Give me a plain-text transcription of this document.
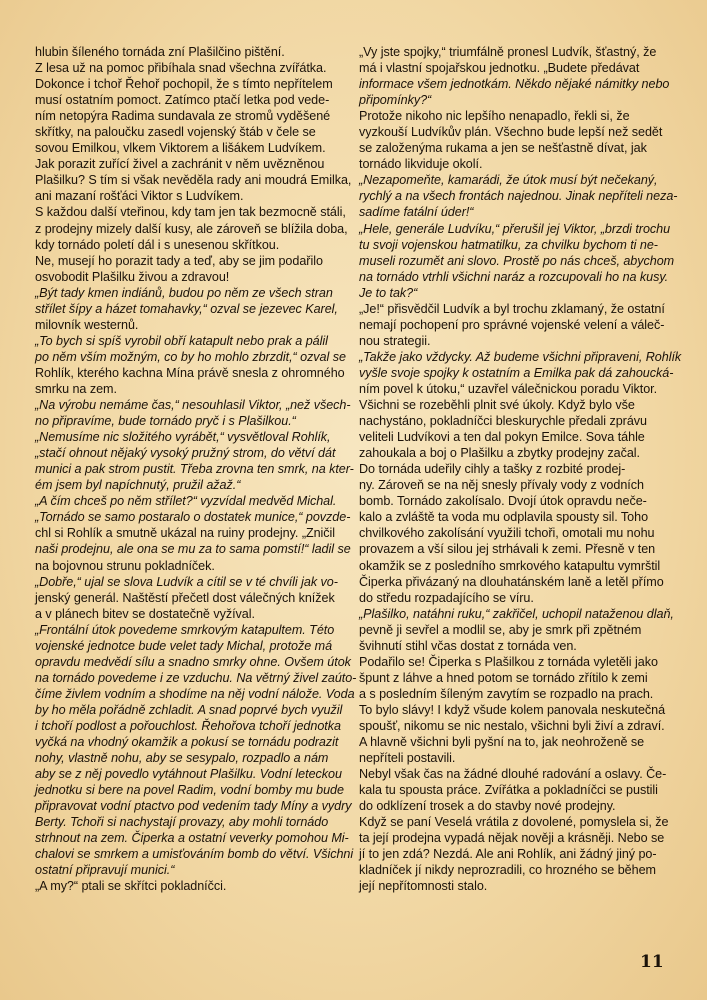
hlubin šíleného tornáda zní Plašilčino pištění.
Z lesa už na pomoc přibíhala snad všechna zvířátka.
Dokonce i tchoř Řehoř pochopil, že s tímto nepřítelem
musí ostatním pomoct. Zatímco ptačí letka pod vede-
ním netopýra Radima sundavala ze stromů vyděšené
skřítky, na paloučku zasedl vojenský štáb v čele se
sovou Emilkou, vlkem Viktorem a lišákem Ludvíkem.
Jak porazit zuřící živel a zachránit v něm uvězněnou
Plašilku? S tím si však nevěděla rady ani moudrá Emilka,
ani mazaní rošťáci Viktor s Ludvíkem.
S každou další vteřinou, kdy tam jen tak bezmocně stáli,
z prodejny mizely další kusy, ale zároveň se blížila doba,
kdy tornádo poletí dál i s unesenou skřítkou.
Ne, musejí ho porazit tady a teď, aby se jim podařilo
osvobodit Plašilku živou a zdravou!
„Být tady kmen indiánů, budou po něm ze všech stran
střílet šípy a házet tomahavky,“ ozval se jezevec Karel,
milovník westernů.
„To bych si spíš vyrobil obří katapult nebo prak a pálil
po něm vším možným, co by ho mohlo zbrzdit,“ ozval se
Rohlík, kterého kachna Mína právě snesla z ohromného
smrku na zem.
„Na výrobu nemáme čas,“ nesouhlasil Viktor, „než všech-
no připravíme, bude tornádo pryč i s Plašilkou.“
„Nemusíme nic složitého vyrábět,“ vysvětloval Rohlík,
„stačí ohnout nějaký vysoký pružný strom, do větví dát
munici a pak strom pustit. Třeba zrovna ten smrk, na kter-
ém jsem byl napíchnutý, pružil ažaž.“
„A čím chceš po něm střílet?“ vyzvídal medvěd Michal.
„Tornádo se samo postaralo o dostatek munice,“ povzde-
chl si Rohlík a smutně ukázal na ruiny prodejny. „Zničil
naši prodejnu, ale ona se mu za to sama pomstí!“ ladil se
na bojovnou strunu pokladníček.
„Dobře,“ ujal se slova Ludvík a cítil se v té chvíli jak vo-
jenský generál. Naštěstí přečetl dost válečných knížek
a v plánech bitev se dostatečně vyžíval.
„Frontální útok povedeme smrkovým katapultem. Této
vojenské jednotce bude velet tady Michal, protože má
opravdu medvědí sílu a snadno smrky ohne. Ovšem útok
na tornádo povedeme i ze vzduchu. Na větrný živel zaúto-
číme živlem vodním a shodíme na něj vodní nálože. Voda
by ho měla pořádně zchladit. A snad poprvé bych využil
i tchoří podlost a pořouchlost. Řehořova tchoří jednotka
vyčká na vhodný okamžik a pokusí se tornádu podrazit
nohy, vlastně nohu, aby se sesypalo, rozpadlo a nám
aby se z něj povedlo vytáhnout Plašilku. Vodní leteckou
jednotku si bere na povel Radim, vodní bomby mu bude
připravovat vodní ptactvo pod vedením tady Míny a vydry
Berty. Tchoři si nachystají provazy, aby mohli tornádo
strhnout na zem. Čiperka a ostatní veverky pomohou Mi-
chalovi se smrkem a umisťováním bomb do větví. Všichni
ostatní připravují munici.“
„A my?“ ptali se skřítci pokladníčci.
„Vy jste spojky,“ triumfálně pronesl Ludvík, šťastný, že
má i vlastní spojařskou jednotku. „Budete předávat
informace všem jednotkám. Někdo nějaké námitky nebo
připomínky?“
Protože nikoho nic lepšího nenapadlo, řekli si, že
vyzkouší Ludvíkův plán. Všechno bude lepší než sedět
se založenýma rukama a jen se nešťastně dívat, jak
tornádo likviduje okolí.
„Nezapomeňte, kamarádi, že útok musí být nečekaný,
rychlý a na všech frontách najednou. Jinak nepříteli neza-
sadíme fatální úder!“
„Hele, generále Ludvíku,“ přerušil jej Viktor, „brzdi trochu
tu svoji vojenskou hatmatilku, za chvilku bychom ti ne-
museli rozumět ani slovo. Prostě po nás chceš, abychom
na tornádo vtrhli všichni naráz a rozcupovali ho na kusy.
Je to tak?“
„Je!“ přisvědčil Ludvík a byl trochu zklamaný, že ostatní
nemají pochopení pro správné vojenské velení a váleč-
nou strategii.
„Takže jako vždycky. Až budeme všichni připraveni, Rohlík
vyšle svoje spojky k ostatním a Emilka pak dá zahoucká-
ním povel k útoku,“ uzavřel válečnickou poradu Viktor.
Všichni se rozeběhli plnit své úkoly. Když bylo vše
nachystáno, pokladníčci bleskurychle předali zprávu
veliteli Ludvíkovi a ten dal pokyn Emilce. Sova táhle
zahoukala a boj o Plašilku a zbytky prodejny začal.
Do tornáda udeřily cihly a tašky z rozbité prodej-
ny. Zároveň se na něj snesly přívaly vody z vodních
bomb. Tornádo zakolísalo. Dvojí útok opravdu neče-
kalo a zvláště ta voda mu odplavila spousty sil. Toho
chvilkového zakolísání využili tchoři, omotali mu nohu
provazem a vší silou jej strhávali k zemi. Přesně v ten
okamžik se z posledního smrkového katapultu vymrštil
Čiperka přivázaný na dlouhatánském laně a letěl přímo
do středu rozpadajícího se víru.
„Plašilko, natáhni ruku,“ zakřičel, uchopil nataženou dlaň,
pevně ji sevřel a modlil se, aby je smrk při zpětném
švihnutí stihl včas dostat z tornáda ven.
Podařilo se! Čiperka s Plašilkou z tornáda vyletěli jako
špunt z láhve a hned potom se tornádo zřítilo k zemi
a s posledním šíleným zavytím se rozpadlo na prach.
To bylo slávy! I když všude kolem panovala neskutečná
spoušť, nikomu se nic nestalo, všichni byli živí a zdraví.
A hlavně všichni byli pyšní na to, jak neohroženě se
nepříteli postavili.
Nebyl však čas na žádné dlouhé radování a oslavy. Če-
kala tu spousta práce. Zvířátka a pokladníčci se pustili
do odklízení trosek a do stavby nové prodejny.
Když se paní Veselá vrátila z dovolené, pomyslela si, že
ta její prodejna vypadá nějak nověji a krásněji. Nebo se
jí to jen zdá? Nezdá. Ale ani Rohlík, ani žádný jiný po-
kladníček jí nikdy neprozradili, co hrozného se během
její nepřítomnosti stalo.
11
